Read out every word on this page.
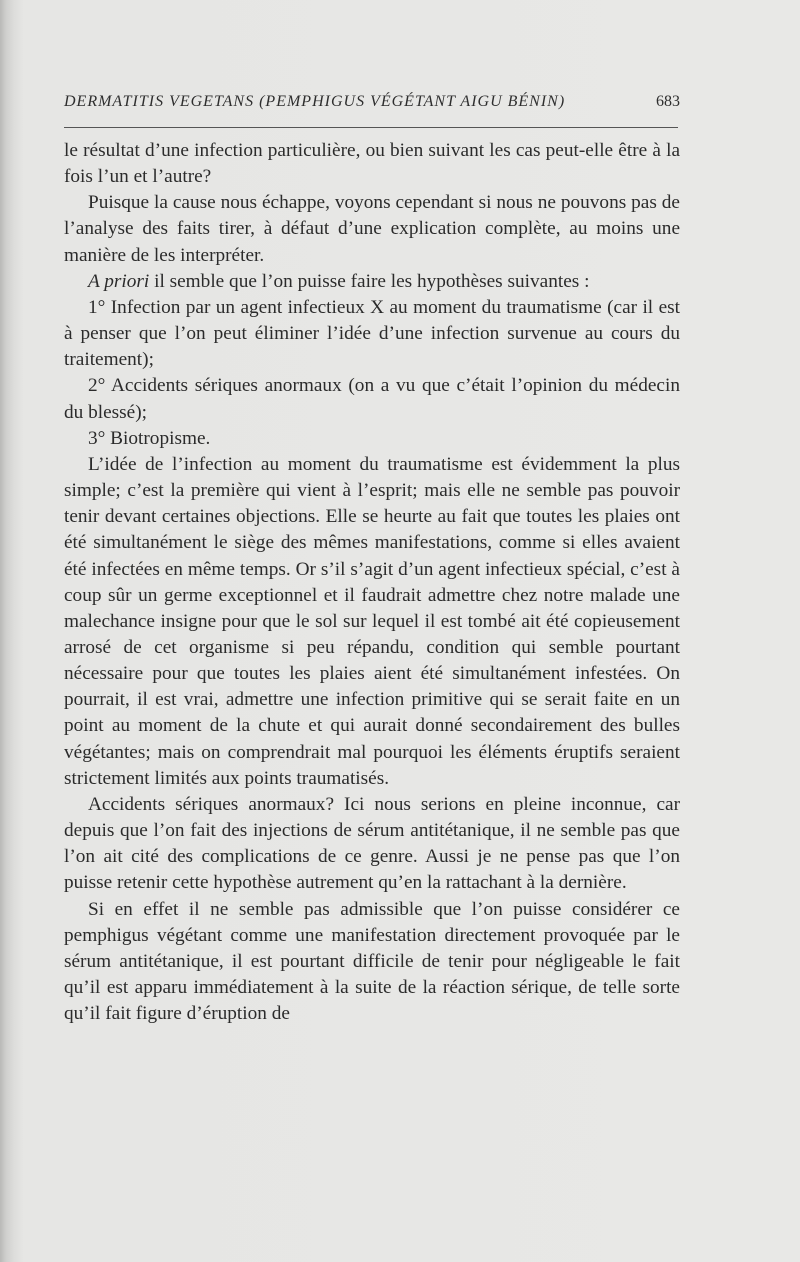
DERMATITIS VEGETANS (PEMPHIGUS VÉGÉTANT AIGU BÉNIN)	683

le résultat d’une infection particulière, ou bien suivant les cas peut-elle être à la fois l’un et l’autre?

Puisque la cause nous échappe, voyons cependant si nous ne pouvons pas de l’analyse des faits tirer, à défaut d’une explication complète, au moins une manière de les interpréter.

A priori il semble que l’on puisse faire les hypothèses suivantes :

1° Infection par un agent infectieux X au moment du traumatisme (car il est à penser que l’on peut éliminer l’idée d’une infection survenue au cours du traitement);

2° Accidents sériques anormaux (on a vu que c’était l’opinion du médecin du blessé);

3° Biotropisme.

L’idée de l’infection au moment du traumatisme est évidemment la plus simple; c’est la première qui vient à l’esprit; mais elle ne semble pas pouvoir tenir devant certaines objections. Elle se heurte au fait que toutes les plaies ont été simultanément le siège des mêmes manifestations, comme si elles avaient été infectées en même temps. Or s’il s’agit d’un agent infectieux spécial, c’est à coup sûr un germe exceptionnel et il faudrait admettre chez notre malade une malechance insigne pour que le sol sur lequel il est tombé ait été copieusement arrosé de cet organisme si peu répandu, condition qui semble pourtant nécessaire pour que toutes les plaies aient été simultanément infestées. On pourrait, il est vrai, admettre une infection primitive qui se serait faite en un point au moment de la chute et qui aurait donné secondairement des bulles végétantes; mais on comprendrait mal pourquoi les éléments éruptifs seraient strictement limités aux points traumatisés.

Accidents sériques anormaux? Ici nous serions en pleine inconnue, car depuis que l’on fait des injections de sérum antitétanique, il ne semble pas que l’on ait cité des complications de ce genre. Aussi je ne pense pas que l’on puisse retenir cette hypothèse autrement qu’en la rattachant à la dernière.

Si en effet il ne semble pas admissible que l’on puisse considérer ce pemphigus végétant comme une manifestation directement provoquée par le sérum antitétanique, il est pourtant difficile de tenir pour négligeable le fait qu’il est apparu immédiatement à la suite de la réaction sérique, de telle sorte qu’il fait figure d’éruption de
